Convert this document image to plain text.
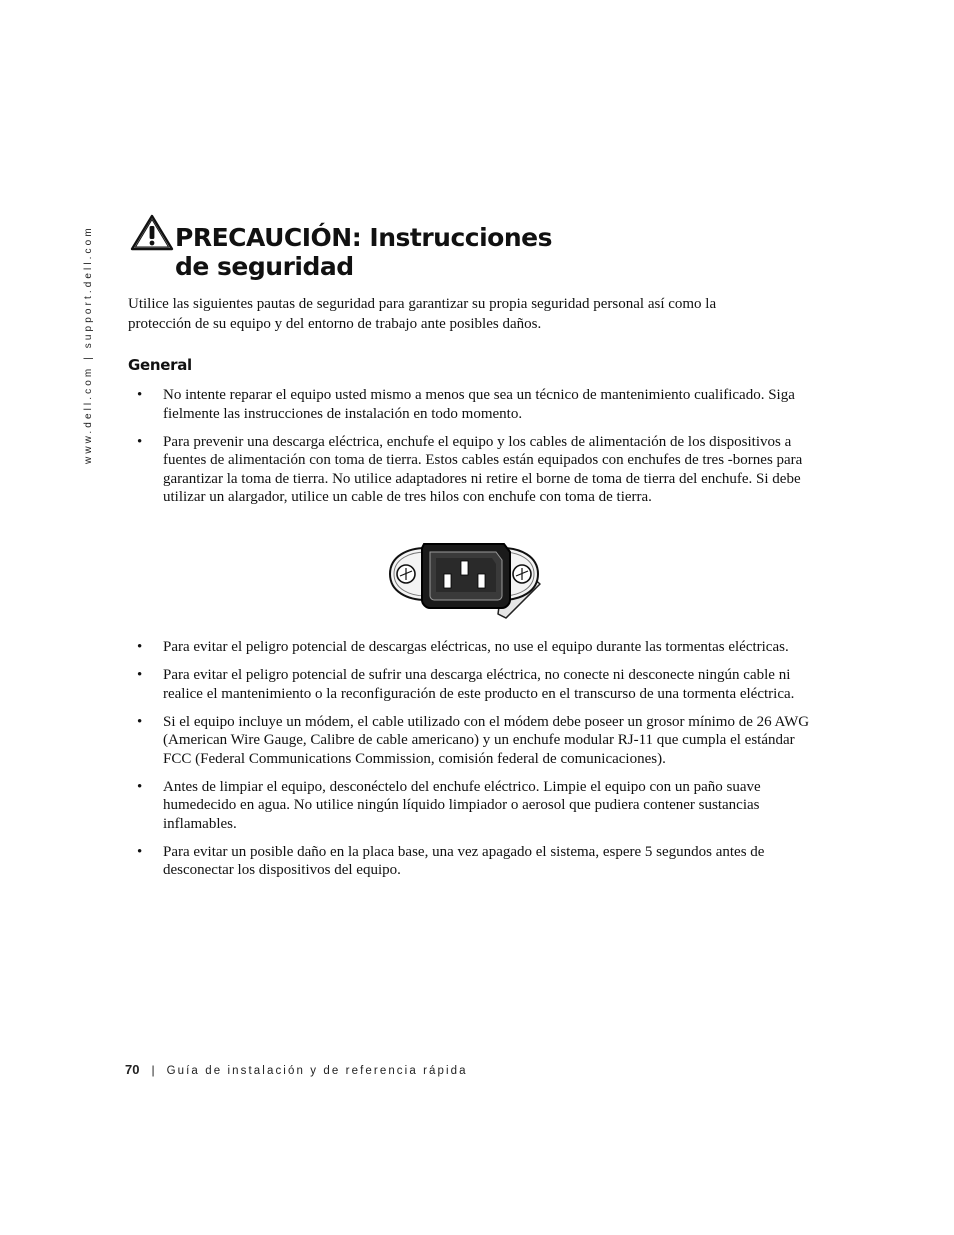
www.dell.com | support.dell.com	PRECAUCIÓN: Instrucciones
de seguridad

Utilice las siguientes pautas de seguridad para garantizar su propia seguridad personal así como la protección de su equipo y del entorno de trabajo ante posibles daños.

General
• No intente reparar el equipo usted mismo a menos que sea un técnico de mantenimiento cualificado. Siga fielmente las instrucciones de instalación en todo momento.
• Para prevenir una descarga eléctrica, enchufe el equipo y los cables de alimentación de los dispositivos a fuentes de alimentación con toma de tierra. Estos cables están equipados con enchufes de tres -bornes para garantizar la toma de tierra. No utilice adaptadores ni retire el borne de toma de tierra del enchufe. Si debe utilizar un alargador, utilice un cable de tres hilos con enchufe con toma de tierra.
• Para evitar el peligro potencial de descargas eléctricas, no use el equipo durante las tormentas eléctricas.
• Para evitar el peligro potencial de sufrir una descarga eléctrica, no conecte ni desconecte ningún cable ni realice el mantenimiento o la reconfiguración de este producto en el transcurso de una tormenta eléctrica.
• Si el equipo incluye un módem, el cable utilizado con el módem debe poseer un grosor mínimo de 26 AWG (American Wire Gauge, Calibre de cable americano) y un enchufe modular RJ-11 que cumpla el estándar FCC (Federal Communications Commission, comisión federal de comunicaciones).
• Antes de limpiar el equipo, desconéctelo del enchufe eléctrico. Limpie el equipo con un paño suave humedecido en agua. No utilice ningún líquido limpiador o aerosol que pudiera contener sustancias inflamables.
• Para evitar un posible daño en la placa base, una vez apagado el sistema, espere 5 segundos antes de desconectar los dispositivos del equipo.
70 | Guía de instalación y de referencia rápida
